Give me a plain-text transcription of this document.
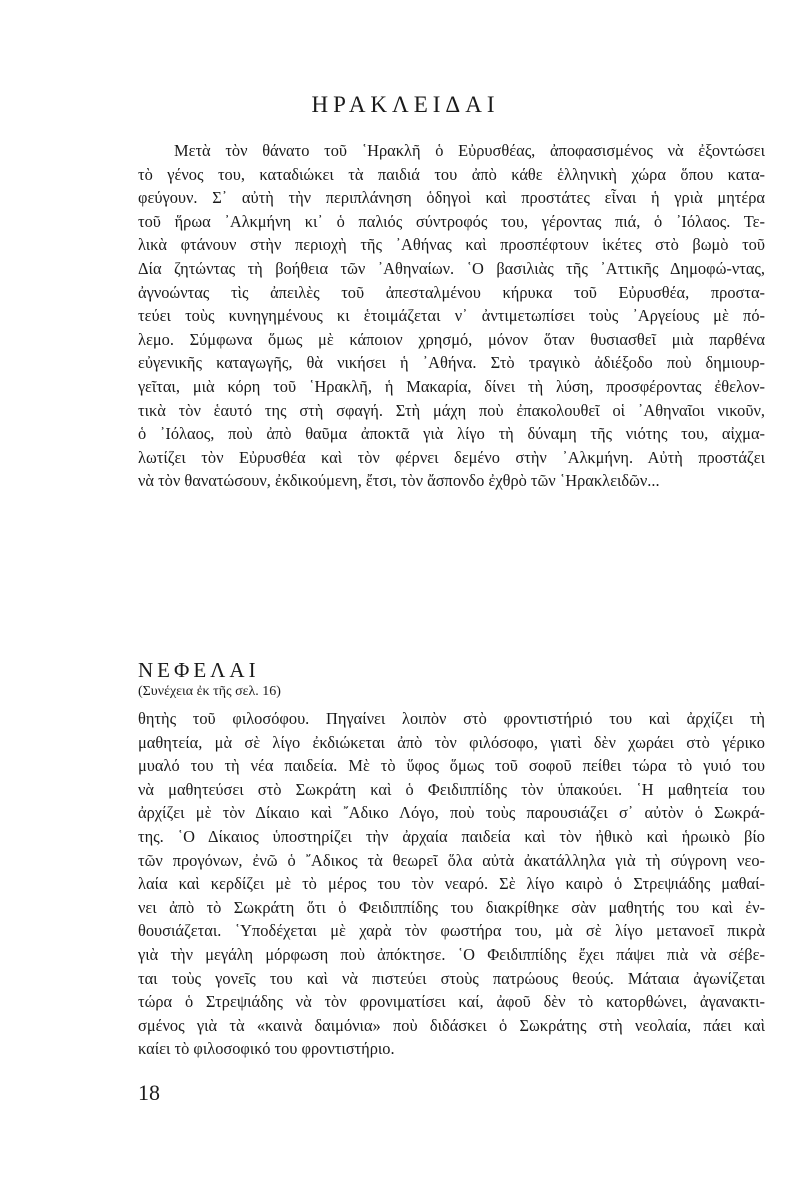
ΗΡΑΚΛΕΙΔΑΙ
Μετὰ τὸν θάνατο τοῦ ῾Ηρακλῆ ὁ Εὐρυσθέας, ἀποφασισμένος νὰ ἐξοντώσει
τὸ γένος του, καταδιώκει τὰ παιδιά του ἀπὸ κάθε ἑλληνικὴ χώρα ὅπου κατα-
φεύγουν. Σ᾽ αὐτὴ τὴν περιπλάνηση ὁδηγοὶ καὶ προστάτες εἶναι ἡ γριὰ μητέρα
τοῦ ἥρωα ᾽Αλκμήνη κι᾽ ὁ παλιός σύντροφός του, γέροντας πιά, ὁ ᾽Ιόλαος. Τε-
λικὰ φτάνουν στὴν περιοχὴ τῆς ᾽Αθήνας καὶ προσπέφτουν ἱκέτες στὸ βωμὸ τοῦ
Δία ζητώντας τὴ βοήθεια τῶν ᾽Αθηναίων. ῾Ο βασιλιὰς τῆς ᾽Αττικῆς Δημοφώ-ντας,
ἀγνοώντας τὶς ἀπειλὲς τοῦ ἀπεσταλμένου κήρυκα τοῦ Εὐρυσθέα, προστα-
τεύει τοὺς κυνηγημένους κι ἑτοιμάζεται ν᾽ ἀντιμετωπίσει τοὺς ᾽Αργείους μὲ πό-
λεμο. Σύμφωνα ὅμως μὲ κάποιον χρησμό, μόνον ὅταν θυσιασθεῖ μιὰ παρθένα
εὐγενικῆς καταγωγῆς, θὰ νικήσει ἡ ᾽Αθήνα. Στὸ τραγικὸ ἀδιέξοδο ποὺ δημιουρ-
γεῖται, μιὰ κόρη τοῦ ῾Ηρακλῆ, ἡ Μακαρία, δίνει τὴ λύση, προσφέροντας ἐθελον-
τικὰ τὸν ἑαυτό της στὴ σφαγή. Στὴ μάχη ποὺ ἐπακολουθεῖ οἱ ᾽Αθηναῖοι νικοῦν,
ὁ ᾽Ιόλαος, ποὺ ἀπὸ θαῦμα ἀποκτᾶ γιὰ λίγο τὴ δύναμη τῆς νιότης του, αἰχμα-
λωτίζει τὸν Εὐρυσθέα καὶ τὸν φέρνει δεμένο στὴν ᾽Αλκμήνη. Αὐτὴ προστάζει
νὰ τὸν θανατώσουν, ἐκδικούμενη, ἔτσι, τὸν ἄσπονδο ἐχθρὸ τῶν ῾Ηρακλειδῶν...
ΝΕΦΕΛΑΙ

(Συνέχεια ἐκ τῆς σελ. 16)

θητὴς τοῦ φιλοσόφου. Πηγαίνει λοιπὸν στὸ φροντιστήριό του καὶ ἀρχίζει τὴ
μαθητεία, μὰ σὲ λίγο ἐκδιώκεται ἀπὸ τὸν φιλόσοφο, γιατὶ δὲν χωράει στὸ γέρικο
μυαλό του τὴ νέα παιδεία. Μὲ τὸ ὕφος ὅμως τοῦ σοφοῦ πείθει τώρα τὸ γυιό του
νὰ μαθητεύσει στὸ Σωκράτη καὶ ὁ Φειδιππίδης τὸν ὑπακούει. ῾Η μαθητεία του
ἀρχίζει μὲ τὸν Δίκαιο καὶ ῎Αδικο Λόγο, ποὺ τοὺς παρουσιάζει σ᾽ αὐτὸν ὁ Σωκρά-
της. ῾Ο Δίκαιος ὑποστηρίζει τὴν ἀρχαία παιδεία καὶ τὸν ἠθικὸ καὶ ἡρωικὸ βίο
τῶν προγόνων, ἐνῶ ὁ ῎Αδικος τὰ θεωρεῖ ὅλα αὐτὰ ἀκατάλληλα γιὰ τὴ σύγρονη νεο-
λαία καὶ κερδίζει μὲ τὸ μέρος του τὸν νεαρό. Σὲ λίγο καιρὸ ὁ Στρεψιάδης μαθαί-
νει ἀπὸ τὸ Σωκράτη ὅτι ὁ Φειδιππίδης του διακρίθηκε σὰν μαθητής του καὶ ἐν-
θουσιάζεται. ῾Υποδέχεται μὲ χαρὰ τὸν φωστήρα του, μὰ σὲ λίγο μετανοεῖ πικρὰ
γιὰ τὴν μεγάλη μόρφωση ποὺ ἀπόκτησε. ῾Ο Φειδιππίδης ἔχει πάψει πιὰ νὰ σέβε-
ται τοὺς γονεῖς του καὶ νὰ πιστεύει στοὺς πατρώους θεούς. Μάταια ἀγωνίζεται
τώρα ὁ Στρεψιάδης νὰ τὸν φρονιματίσει καί, ἀφοῦ δὲν τὸ κατορθώνει, ἀγανακτι-
σμένος γιὰ τὰ «καινὰ δαιμόνια» ποὺ διδάσκει ὁ Σωκράτης στὴ νεολαία, πάει καὶ
καίει τὸ φιλοσοφικό του φροντιστήριο.

18
